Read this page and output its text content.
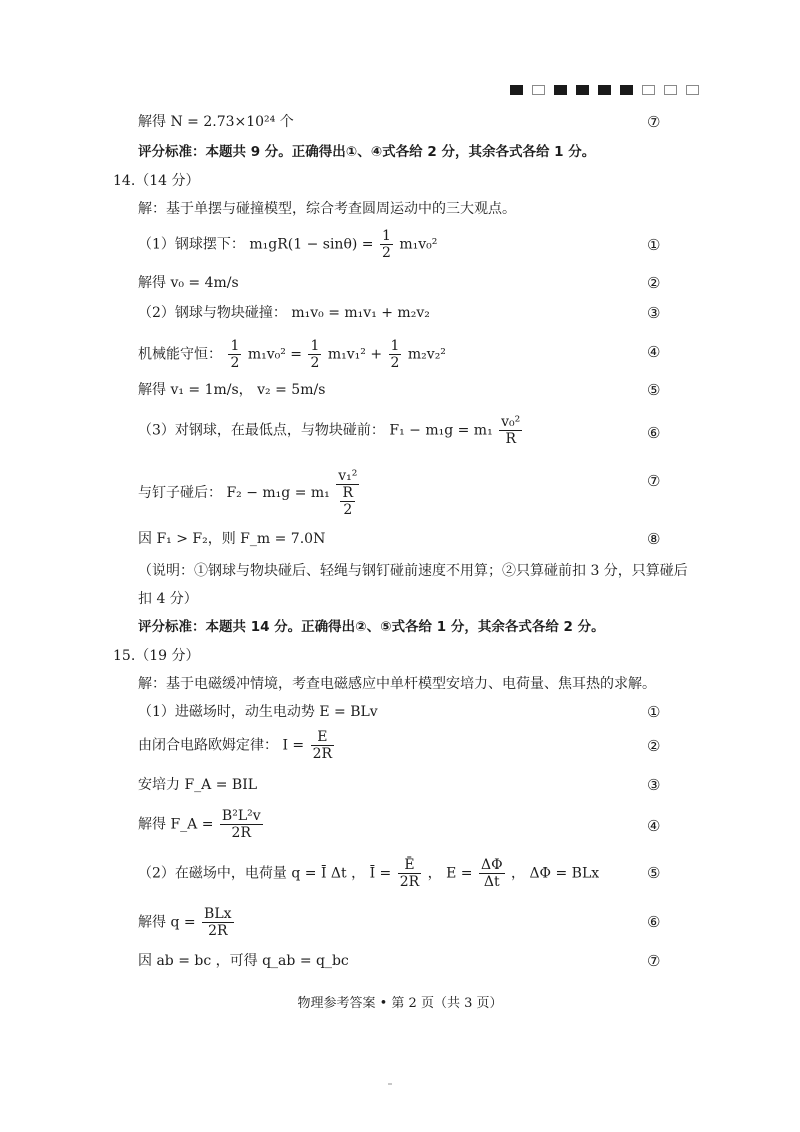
解得 N = 2.73×10²⁴ 个	⑦
评分标准：本题共 9 分。正确得出①、④式各给 2 分，其余各式各给 1 分。
14.（14 分）
解：基于单摆与碰撞模型，综合考查圆周运动中的三大观点。
（1）钢球摆下： $m_1gR(1 - \sin\theta) = \frac{1}{2} m_1v_0^2$	①
解得 v₀ = 4m/s	②
（2）钢球与物块碰撞： m₁v₀ = m₁v₁ + m₂v₂	③
机械能守恒： $\frac{1}{2} m_1v_0^2 = \frac{1}{2} m_1v_1^2 + \frac{1}{2} m_2v_2^2$	④
解得 v₁ = 1m/s， v₂ = 5m/s	⑤
（3）对钢球，在最低点，与物块碰前： $F_1 - m_1g = m_1 \frac{\text{v₀²}}{R}$	⑥
与钉子碰后： F₂ − m₁g = m₁ v₁²
R
2	⑦
因 F₁ > F₂，则 F_m = 7.0N	⑧
（说明：①钢球与物块碰后、轻绳与钢钉碰前速度不用算；②只算碰前扣 3 分，只算碰后
扣 4 分）
评分标准：本题共 14 分。正确得出②、⑤式各给 1 分，其余各式各给 2 分。
15.（19 分）
解：基于电磁缓冲情境，考查电磁感应中单杆模型安培力、电荷量、焦耳热的求解。
（1）进磁场时，动生电动势 E = BLv	①
由闭合电路欧姆定律： $I = \frac{E}{2R}$	②
安培力 F_A = BIL	③
解得 F_A = $\frac{\text{B²L²v}}{2R}$	④
（2）在磁场中，电荷量 q = Ī Δt ， Ī = $\frac{Ē}{2R}$ ， $E = \frac{\Delta\Phi}{\Delta t}$ ， ΔΦ = BLx	⑤
解得 $q = \frac{\text{BLx}}{2R}$	⑥
因 ab = bc ，可得 q_ab = q_bc	⑦
物理参考答案 • 第 2 页（共 3 页）
